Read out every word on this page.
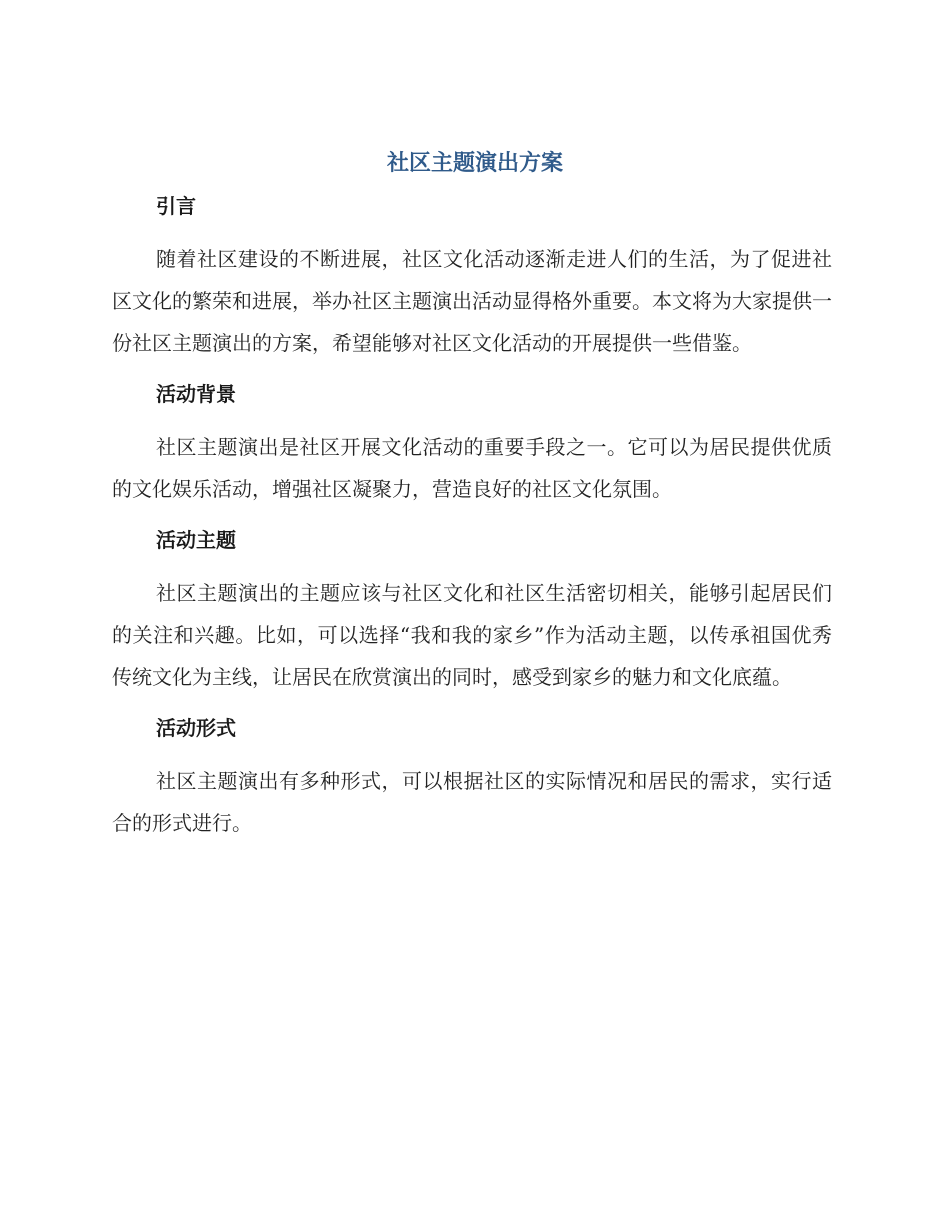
社区主题演出方案
引言

随着社区建设的不断进展，社区文化活动逐渐走进人们的生活，为了促进社区文化的繁荣和进展，举办社区主题演出活动显得格外重要。本文将为大家提供一份社区主题演出的方案，希望能够对社区文化活动的开展提供一些借鉴。

活动背景

社区主题演出是社区开展文化活动的重要手段之一。它可以为居民提供优质的文化娱乐活动，增强社区凝聚力，营造良好的社区文化氛围。

活动主题

社区主题演出的主题应该与社区文化和社区生活密切相关，能够引起居民们的关注和兴趣。比如，可以选择“我和我的家乡”作为活动主题，以传承祖国优秀传统文化为主线，让居民在欣赏演出的同时，感受到家乡的魅力和文化底蕴。

活动形式

社区主题演出有多种形式，可以根据社区的实际情况和居民的需求，实行适合的形式进行。
